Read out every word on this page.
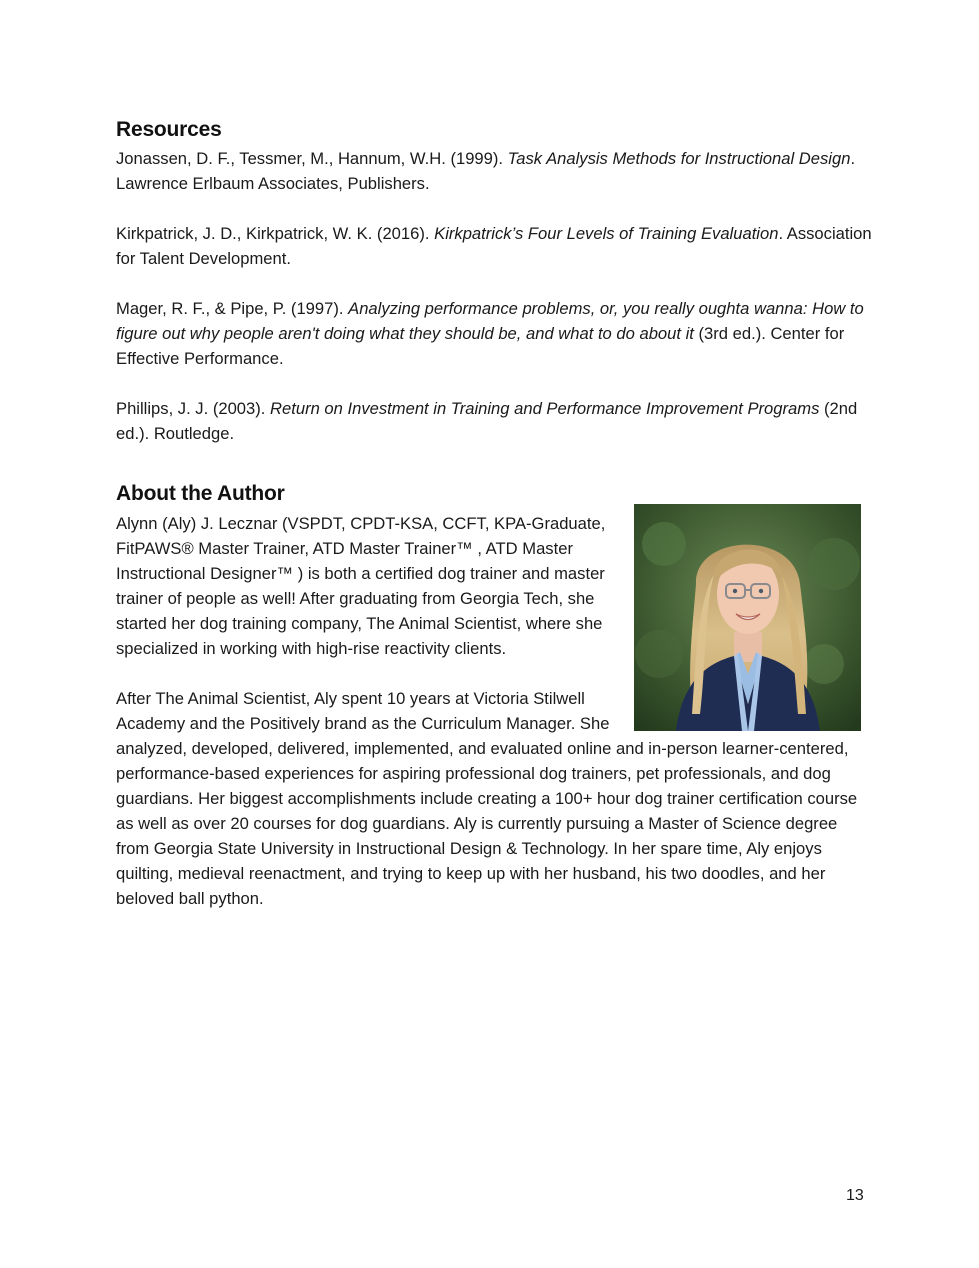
Resources

Jonassen, D. F., Tessmer, M., Hannum, W.H. (1999). Task Analysis Methods for Instructional Design. Lawrence Erlbaum Associates, Publishers.

Kirkpatrick, J. D., Kirkpatrick, W. K. (2016). Kirkpatrick’s Four Levels of Training Evaluation. Association for Talent Development.

Mager, R. F., & Pipe, P. (1997). Analyzing performance problems, or, you really oughta wanna: How to figure out why people aren't doing what they should be, and what to do about it (3rd ed.). Center for Effective Performance.

Phillips, J. J. (2003). Return on Investment in Training and Performance Improvement Programs (2nd ed.). Routledge.

About the Author

Alynn (Aly) J. Lecznar (VSPDT, CPDT-KSA, CCFT, KPA-Graduate, FitPAWS® Master Trainer, ATD Master Trainer™ , ATD Master Instructional Designer™ ) is both a certified dog trainer and master trainer of people as well! After graduating from Georgia Tech, she started her dog training company, The Animal Scientist, where she specialized in working with high-rise reactivity clients.

After The Animal Scientist, Aly spent 10 years at Victoria Stilwell Academy and the Positively brand as the Curriculum Manager. She analyzed, developed, delivered, implemented, and evaluated online and in-person learner-centered, performance-based experiences for aspiring professional dog trainers, pet professionals, and dog guardians. Her biggest accomplishments include creating a 100+ hour dog trainer certification course as well as over 20 courses for dog guardians. Aly is currently pursuing a Master of Science degree from Georgia State University in Instructional Design & Technology. In her spare time, Aly enjoys quilting, medieval reenactment, and trying to keep up with her husband, his two doodles, and her beloved ball python.

13
